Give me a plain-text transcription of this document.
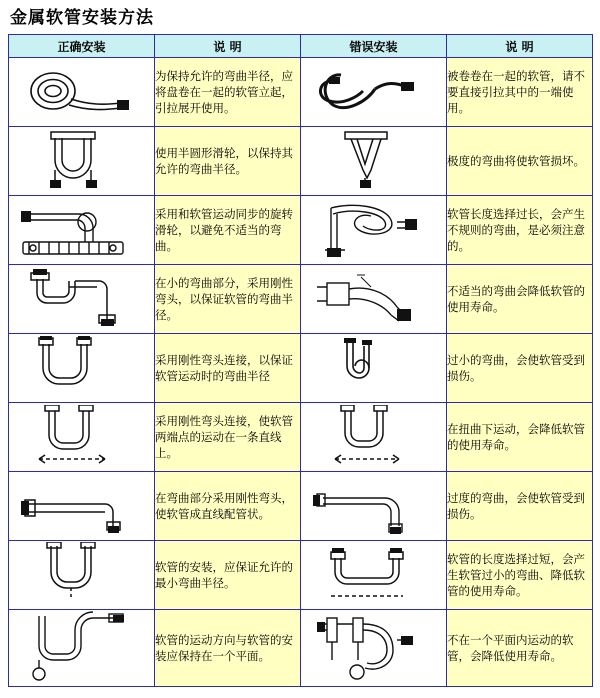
金属软管安装方法
正确安装	说 明	错误安装	说 明

	为保持允许的弯曲半径，应将盘卷在一起的软管立起，引拉展开使用。		被卷卷在一起的软管，请不要直接引拉其中的一端使用。

	使用半圆形滑轮，以保持其允许的弯曲半径。		极度的弯曲将使软管损坏。

	采用和软管运动同步的旋转滑轮，以避免不适当的弯曲。		软管长度选择过长，会产生不规则的弯曲，是必须注意的。

	在小的弯曲部分，采用刚性弯头，以保证软管的弯曲半径。		不适当的弯曲会降低软管的使用寿命。

	采用刚性弯头连接，以保证软管运动时的弯曲半径		过小的弯曲，会使软管受到损伤。

	采用刚性弯头连接，使软管两端点的运动在一条直线上。		在扭曲下运动，会降低软管的使用寿命。

	在弯曲部分采用刚性弯头，使软管成直线配管状。		过度的弯曲，会使软管受到损伤。

	软管的安装，应保证允许的最小弯曲半径。		软管的长度选择过短，会产生软管过小的弯曲、降低软管的使用寿命。

	软管的运动方向与软管的安装应保持在一个平面。		不在一个平面内运动的软管，会降低使用寿命。
